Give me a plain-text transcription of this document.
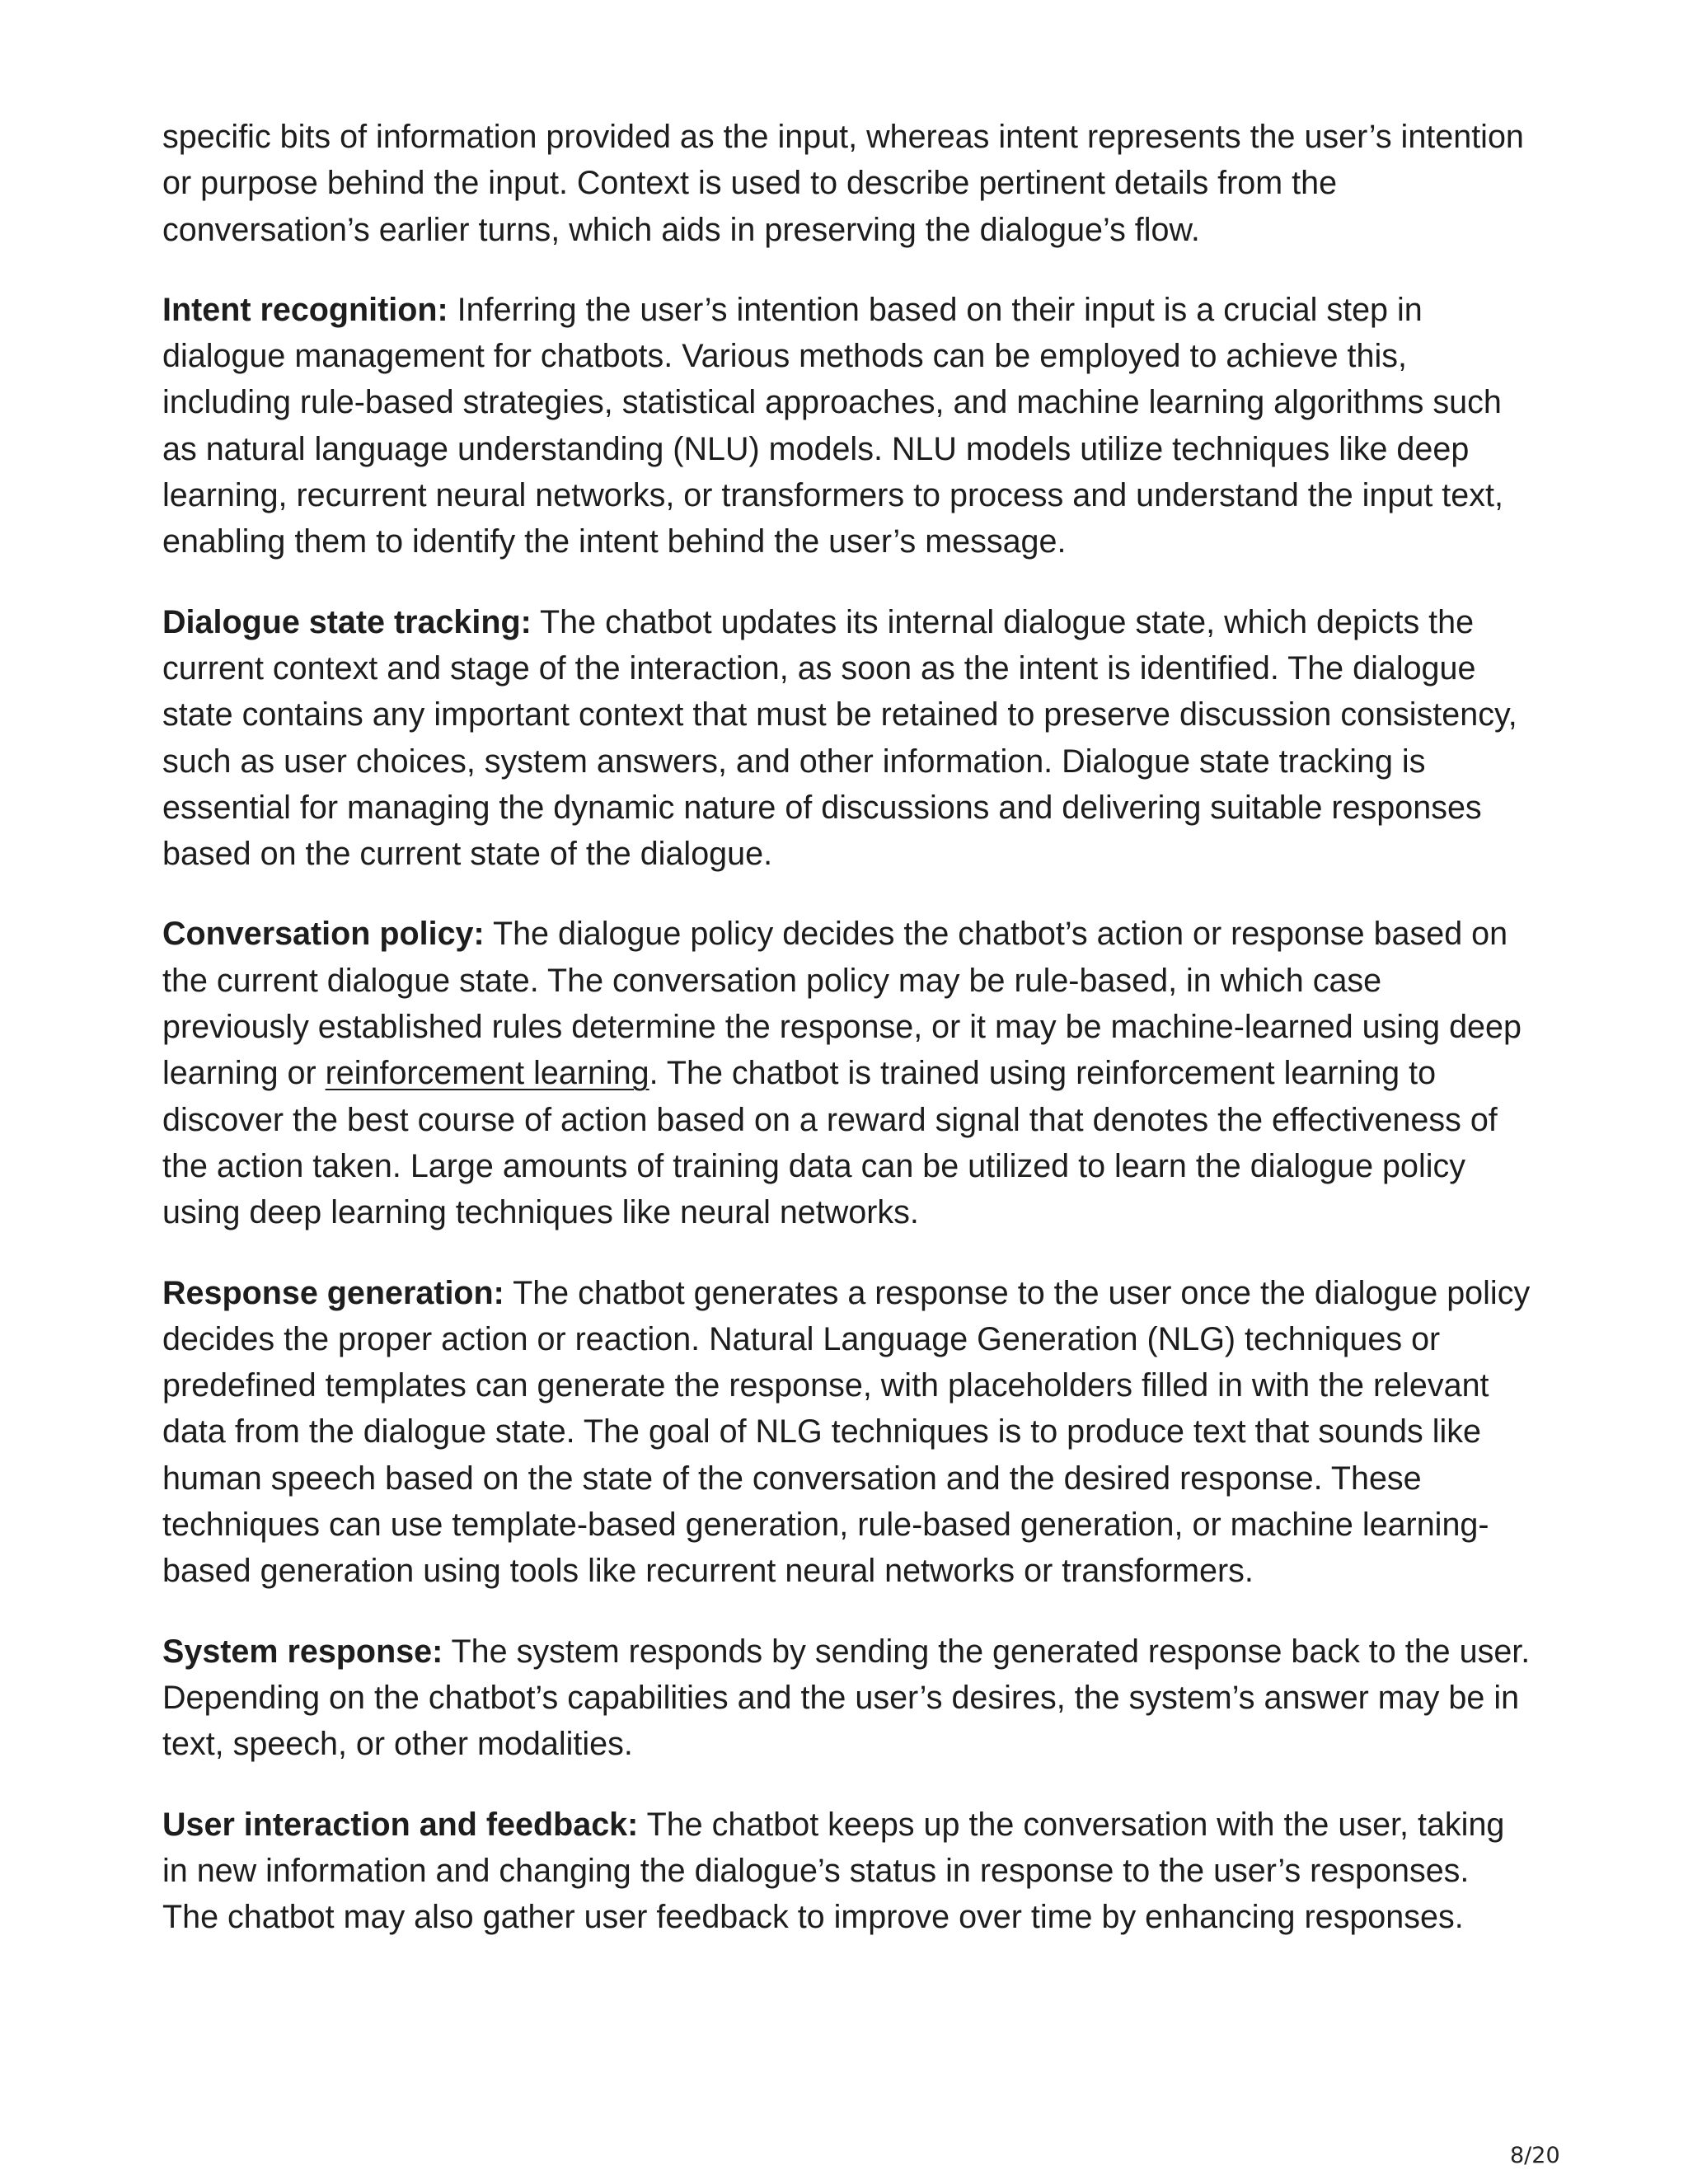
specific bits of information provided as the input, whereas intent represents the user’s intention or purpose behind the input. Context is used to describe pertinent details from the conversation’s earlier turns, which aids in preserving the dialogue’s flow.

Intent recognition: Inferring the user’s intention based on their input is a crucial step in dialogue management for chatbots. Various methods can be employed to achieve this, including rule-based strategies, statistical approaches, and machine learning algorithms such as natural language understanding (NLU) models. NLU models utilize techniques like deep learning, recurrent neural networks, or transformers to process and understand the input text, enabling them to identify the intent behind the user’s message.

Dialogue state tracking: The chatbot updates its internal dialogue state, which depicts the current context and stage of the interaction, as soon as the intent is identified. The dialogue state contains any important context that must be retained to preserve discussion consistency, such as user choices, system answers, and other information. Dialogue state tracking is essential for managing the dynamic nature of discussions and delivering suitable responses based on the current state of the dialogue.

Conversation policy: The dialogue policy decides the chatbot’s action or response based on the current dialogue state. The conversation policy may be rule-based, in which case previously established rules determine the response, or it may be machine-learned using deep learning or reinforcement learning. The chatbot is trained using reinforcement learning to discover the best course of action based on a reward signal that denotes the effectiveness of the action taken. Large amounts of training data can be utilized to learn the dialogue policy using deep learning techniques like neural networks.

Response generation: The chatbot generates a response to the user once the dialogue policy decides the proper action or reaction. Natural Language Generation (NLG) techniques or predefined templates can generate the response, with placeholders filled in with the relevant data from the dialogue state. The goal of NLG techniques is to produce text that sounds like human speech based on the state of the conversation and the desired response. These techniques can use template-based generation, rule-based generation, or machine learning-based generation using tools like recurrent neural networks or transformers.

System response: The system responds by sending the generated response back to the user. Depending on the chatbot’s capabilities and the user’s desires, the system’s answer may be in text, speech, or other modalities.

User interaction and feedback: The chatbot keeps up the conversation with the user, taking in new information and changing the dialogue’s status in response to the user’s responses. The chatbot may also gather user feedback to improve over time by enhancing responses.

8/20
